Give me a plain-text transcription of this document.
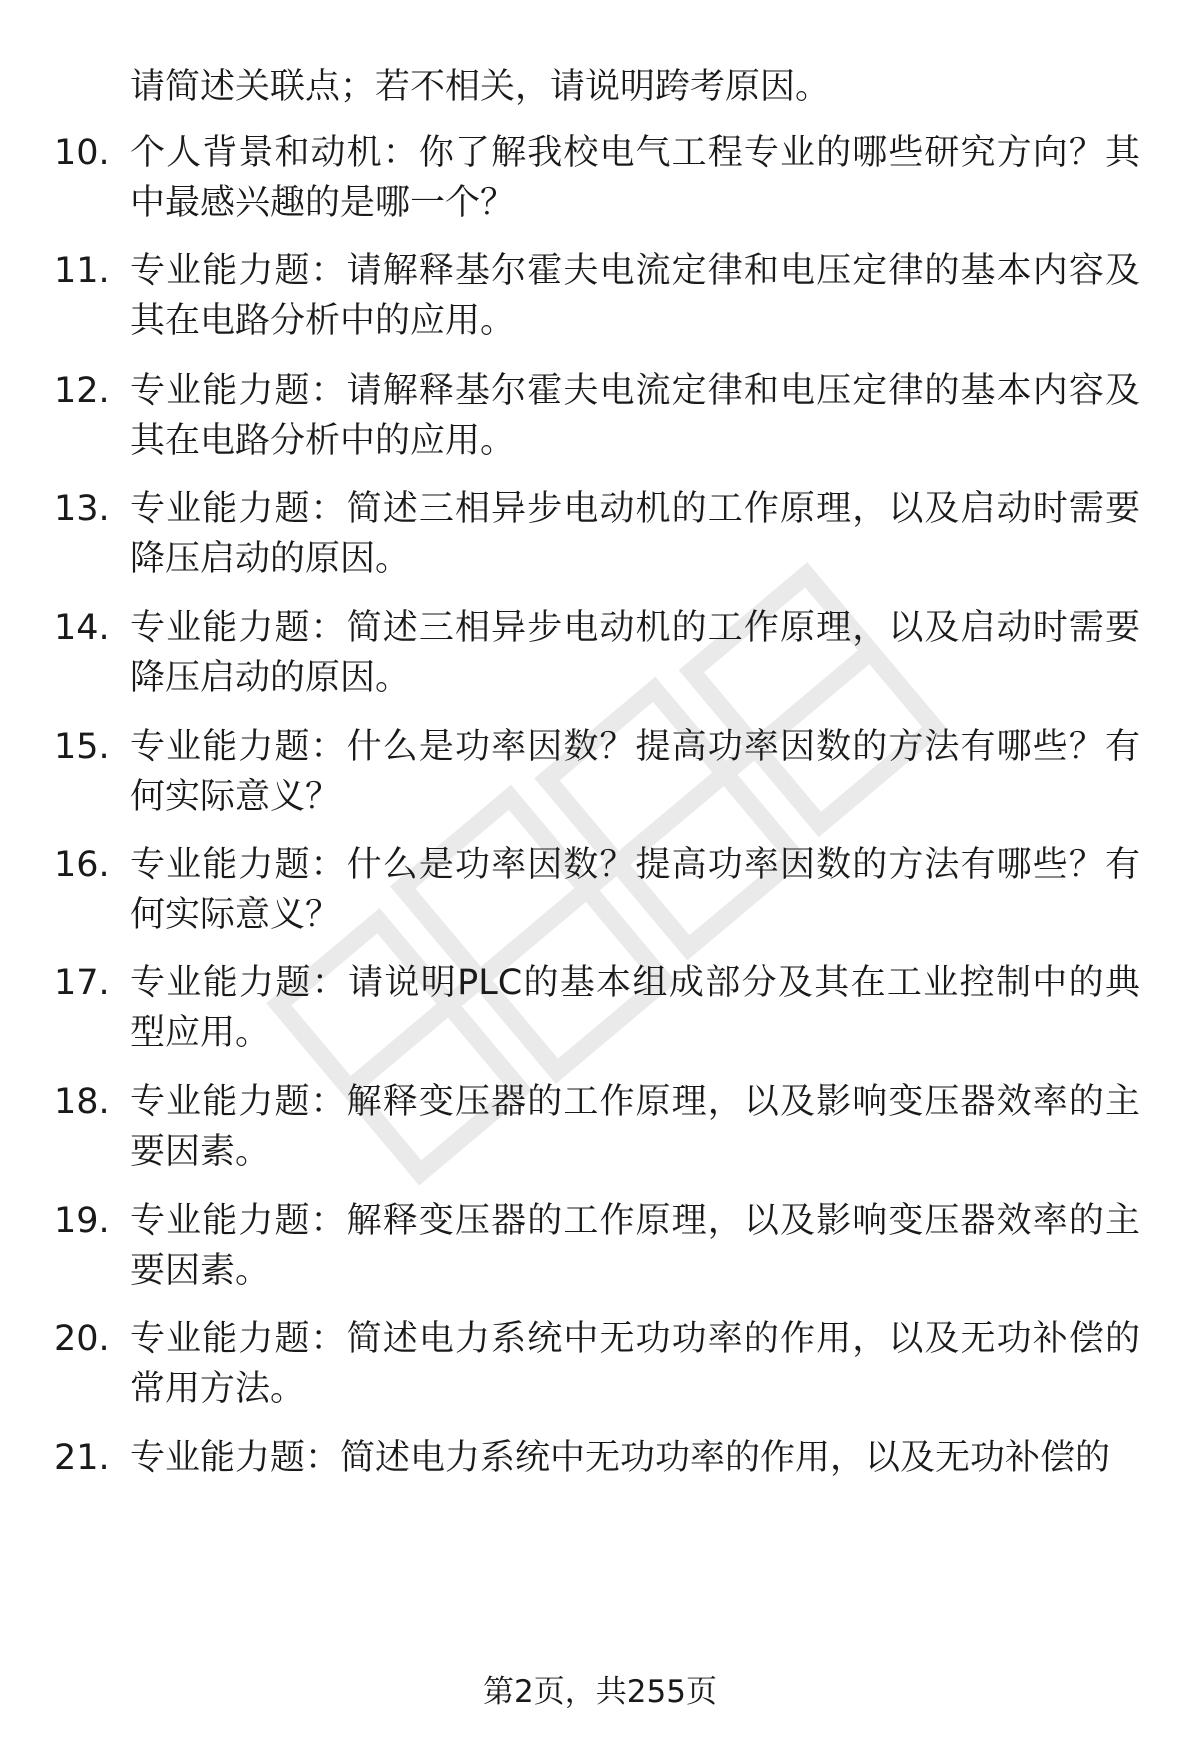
请简述关联点；若不相关，请说明跨考原因。

10. 个人背景和动机：你了解我校电气工程专业的哪些研究方向？其中最感兴趣的是哪一个？
11. 专业能力题：请解释基尔霍夫电流定律和电压定律的基本内容及其在电路分析中的应用。
12. 专业能力题：请解释基尔霍夫电流定律和电压定律的基本内容及其在电路分析中的应用。
13. 专业能力题：简述三相异步电动机的工作原理，以及启动时需要降压启动的原因。
14. 专业能力题：简述三相异步电动机的工作原理，以及启动时需要降压启动的原因。
15. 专业能力题：什么是功率因数？提高功率因数的方法有哪些？有何实际意义？
16. 专业能力题：什么是功率因数？提高功率因数的方法有哪些？有何实际意义？
17. 专业能力题：请说明PLC的基本组成部分及其在工业控制中的典型应用。
18. 专业能力题：解释变压器的工作原理，以及影响变压器效率的主要因素。
19. 专业能力题：解释变压器的工作原理，以及影响变压器效率的主要因素。
20. 专业能力题：简述电力系统中无功功率的作用，以及无功补偿的常用方法。
21. 专业能力题：简述电力系统中无功功率的作用，以及无功补偿的
第2页，共255页
